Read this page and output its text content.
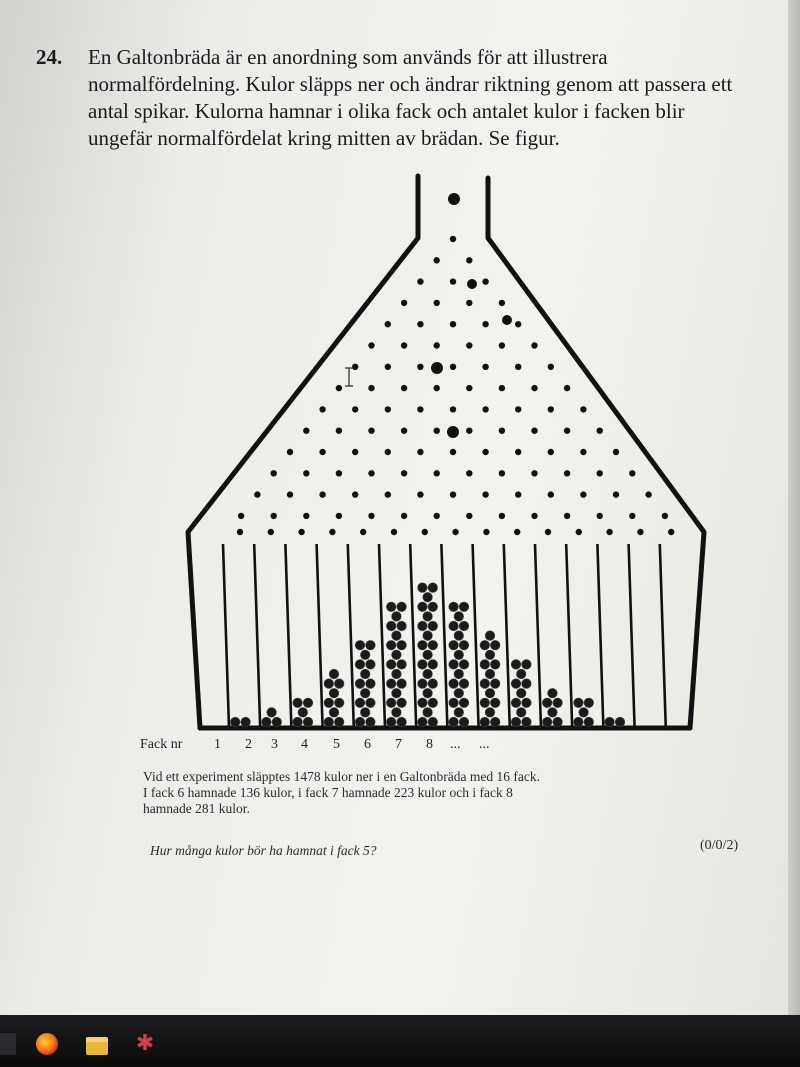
24. En Galtonbräda är en anordning som används för att illustrera
normalfördelning. Kulor släpps ner och ändrar riktning genom att passera ett
antal spikar. Kulorna hamnar i olika fack och antalet kulor i facken blir
ungefär normalfördelat kring mitten av brädan. Se figur.
Fack nr 1 2 3 4 5 6 7 8 ... ...
Vid ett experiment släpptes 1478 kulor ner i en Galtonbräda med 16 fack.
I fack 6 hamnade 136 kulor, i fack 7 hamnade 223 kulor och i fack 8
hamnade 281 kulor.
Hur många kulor bör ha hamnat i fack 5?	(0/0/2)
✱
